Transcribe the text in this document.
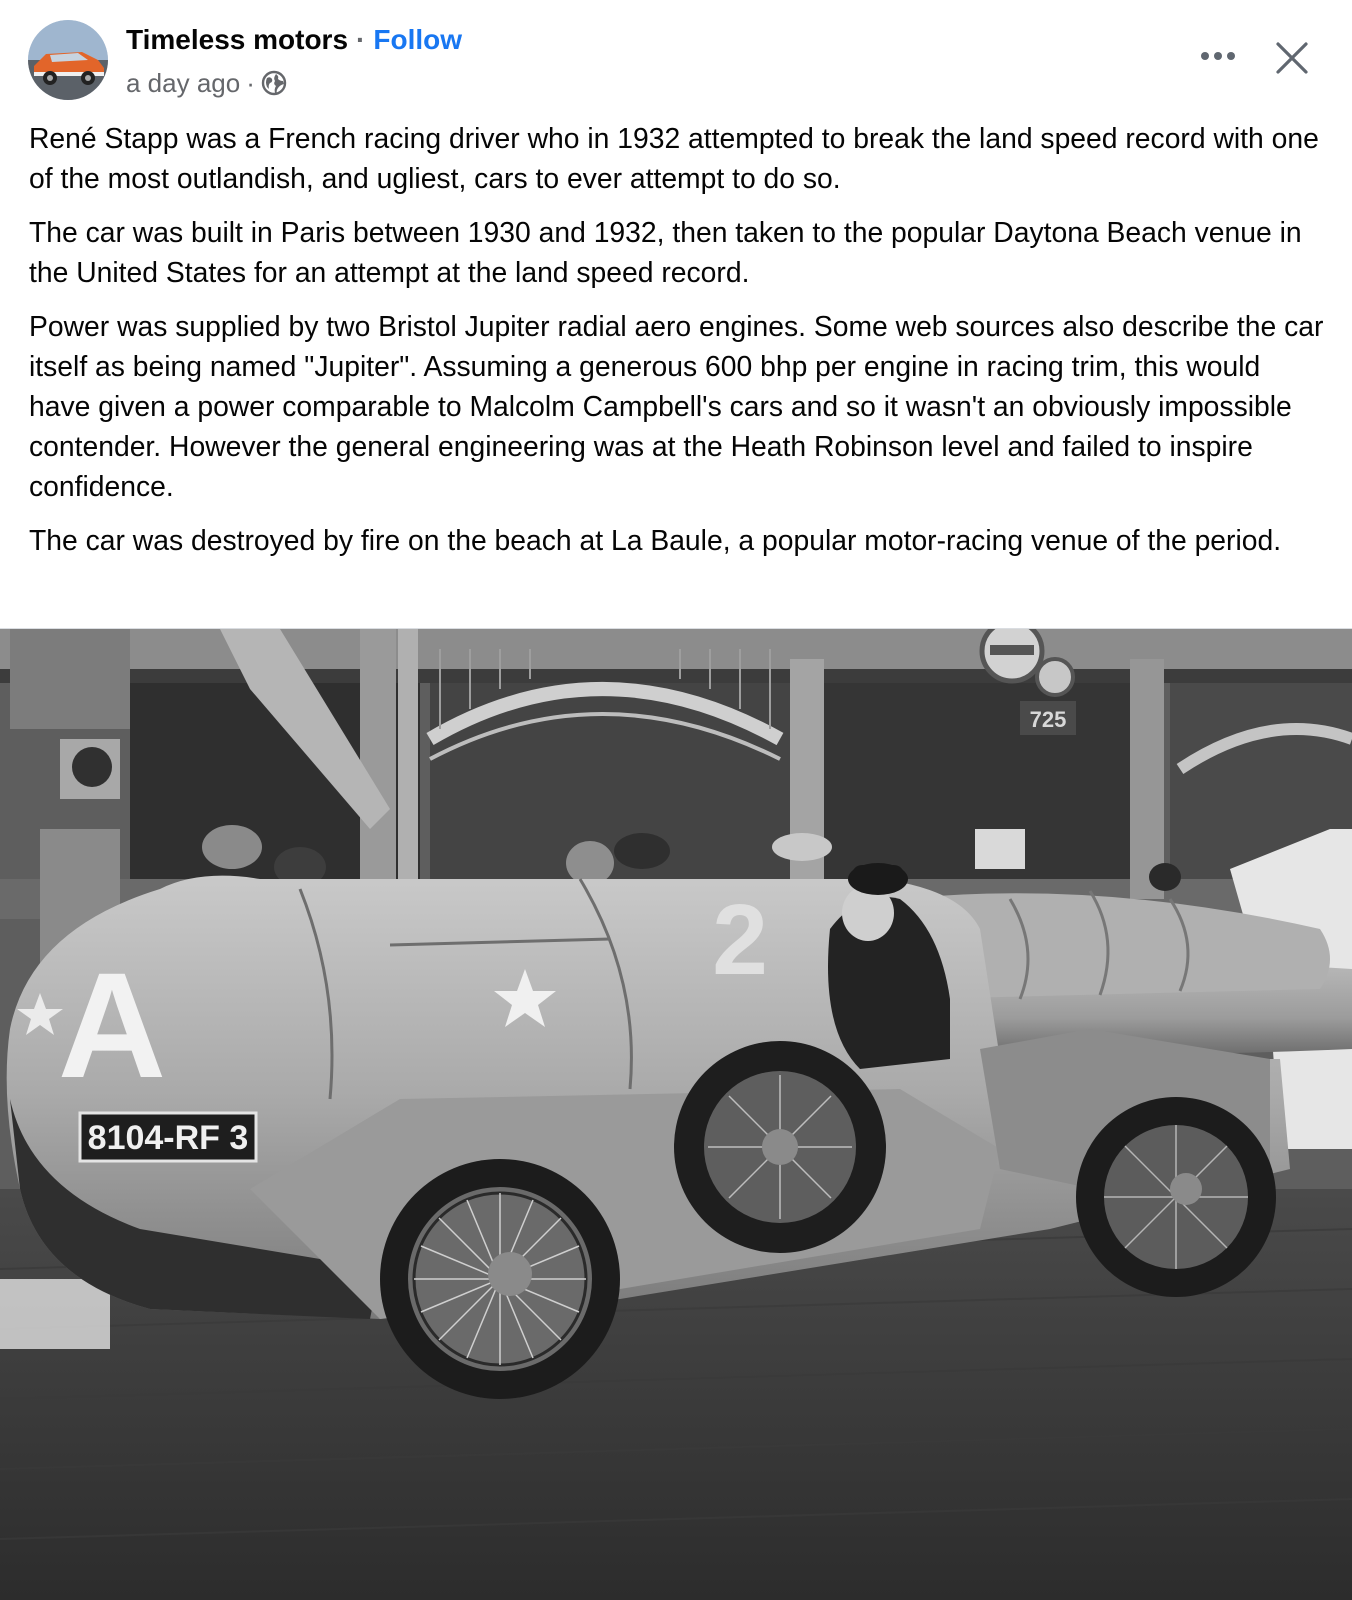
Timeless motors · Follow
a day ago ·

René Stapp was a French racing driver who in 1932 attempted to break the land speed record with one of the most outlandish, and ugliest, cars to ever attempt to do so.

The car was built in Paris between 1930 and 1932, then taken to the popular Daytona Beach venue in the United States for an attempt at the land speed record.

Power was supplied by two Bristol Jupiter radial aero engines. Some web sources also describe the car itself as being named "Jupiter". Assuming a generous 600 bhp per engine in racing trim, this would have given a power comparable to Malcolm Campbell's cars and so it wasn't an obviously impossible contender. However the general engineering was at the Heath Robinson level and failed to inspire confidence.

The car was destroyed by fire on the beach at La Baule, a popular motor-racing venue of the period.

725
A
2
8104-RF 3
